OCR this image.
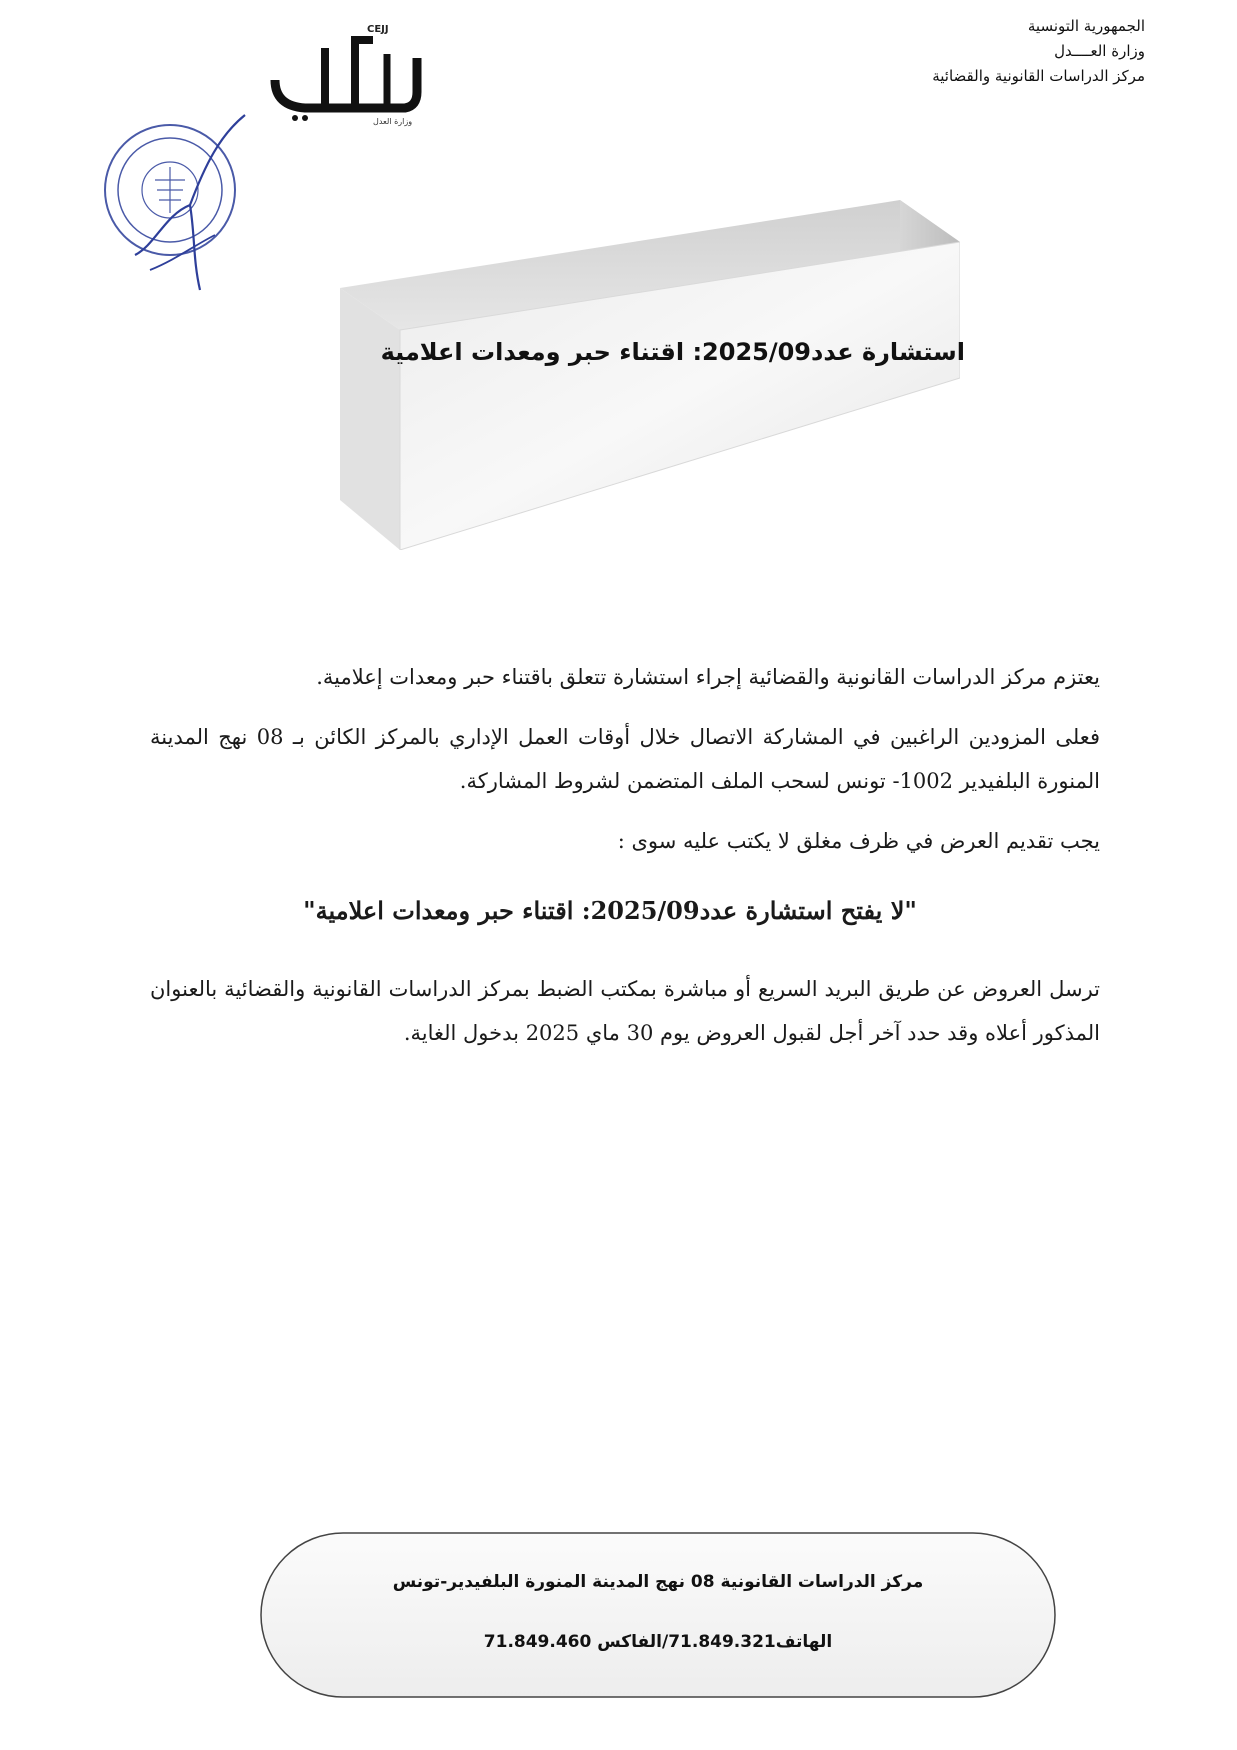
الجمهورية التونسية
وزارة العــــدل
مركز الدراسات القانونية والقضائية
CEJJ
وزارة العدل
استشارة عدد2025/09: اقتناء حبر ومعدات اعلامية

يعتزم مركز الدراسات القانونية والقضائية إجراء استشارة تتعلق باقتناء حبر ومعدات إعلامية.

فعلى المزودين الراغبين في المشاركة الاتصال خلال أوقات العمل الإداري بالمركز الكائن بـ 08 نهج المدينة المنورة البلفيدير 1002- تونس لسحب الملف المتضمن لشروط المشاركة.

يجب تقديم العرض في ظرف مغلق لا يكتب عليه سوى :

"لا يفتح استشارة عدد2025/09: اقتناء حبر ومعدات اعلامية"

ترسل العروض عن طريق البريد السريع أو مباشرة بمكتب الضبط بمركز الدراسات القانونية والقضائية بالعنوان المذكور أعلاه وقد حدد آخر أجل لقبول العروض يوم 30 ماي 2025 بدخول الغاية.

مركز الدراسات القانونية 08 نهج المدينة المنورة البلفيدير-تونس
الهاتف71.849.321/الفاكس 71.849.460
